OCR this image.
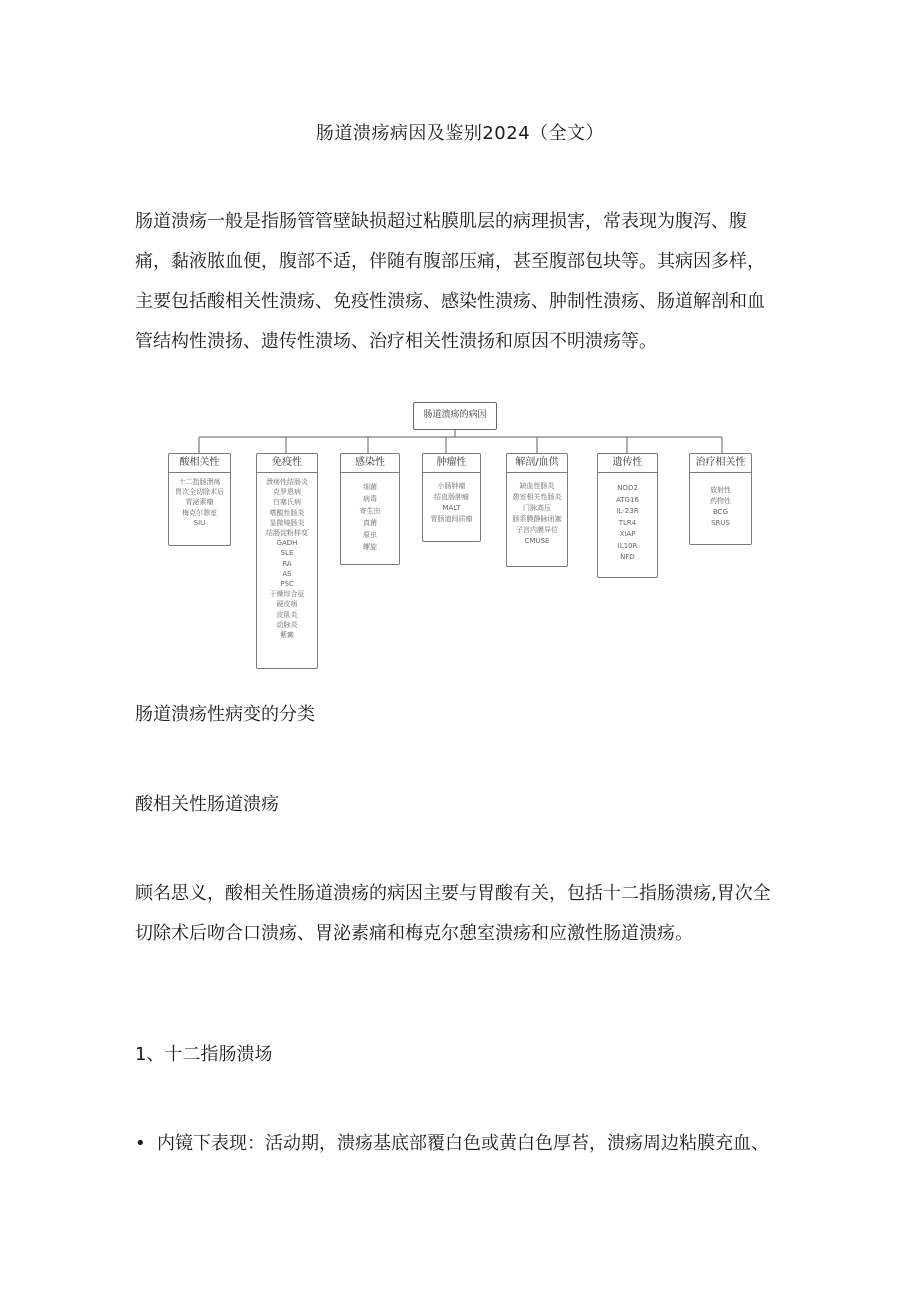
肠道溃疡病因及鉴别2024（全文）

肠道溃疡一般是指肠管管壁缺损超过粘膜肌层的病理损害，常表现为腹泻、腹
痛，黏液脓血便，腹部不适，伴随有腹部压痛，甚至腹部包块等。其病因多样，
主要包括酸相关性溃疡、免疫性溃疡、感染性溃疡、肿制性溃疡、肠道解剖和血
管结构性溃扬、遗传性溃场、治疗相关性溃扬和原因不明溃疡等。

肠道溃疡的病因
酸相关性
十二指肠溃疡
胃次全切除术后
胃泌素瘤
梅克尔憩室
SIU
免疫性
溃疡性结肠炎
克罗恩病
白塞氏病
嗜酸性肠炎
显微镜肠炎
结肠淀粉样变
GADH
SLE
RA
AS
PSC
干燥综合征
硬皮病
皮肌炎
动脉炎
紫癜
感染性
细菌
病毒
寄生虫
真菌
原虫
螺旋
肿瘤性
小肠肿瘤
结直肠肿瘤
MALT
胃肠道间质瘤
解剖/血供
缺血性肠炎
憩室相关性肠炎
门脉高压
肠系膜静脉闭塞
子宫内膜异位
CMUSE
遗传性
NOD2
ATG16
IL-23R
TLR4
XIAP
IL10R
NFD
治疗相关性
放射性
药物性
BCG
SRUS
肠道溃疡性病变的分类
酸相关性肠道溃疡

顾名思义，酸相关性肠道溃疡的病因主要与胃酸有关，包括十二指肠溃疡,胃次全
切除术后吻合口溃疡、胃泌素痛和梅克尔憩室溃疡和应激性肠道溃疡。

1、十二指肠溃场
• 内镜下表现：活动期，溃疡基底部覆白色或黄白色厚苔，溃疡周边粘膜充血、
